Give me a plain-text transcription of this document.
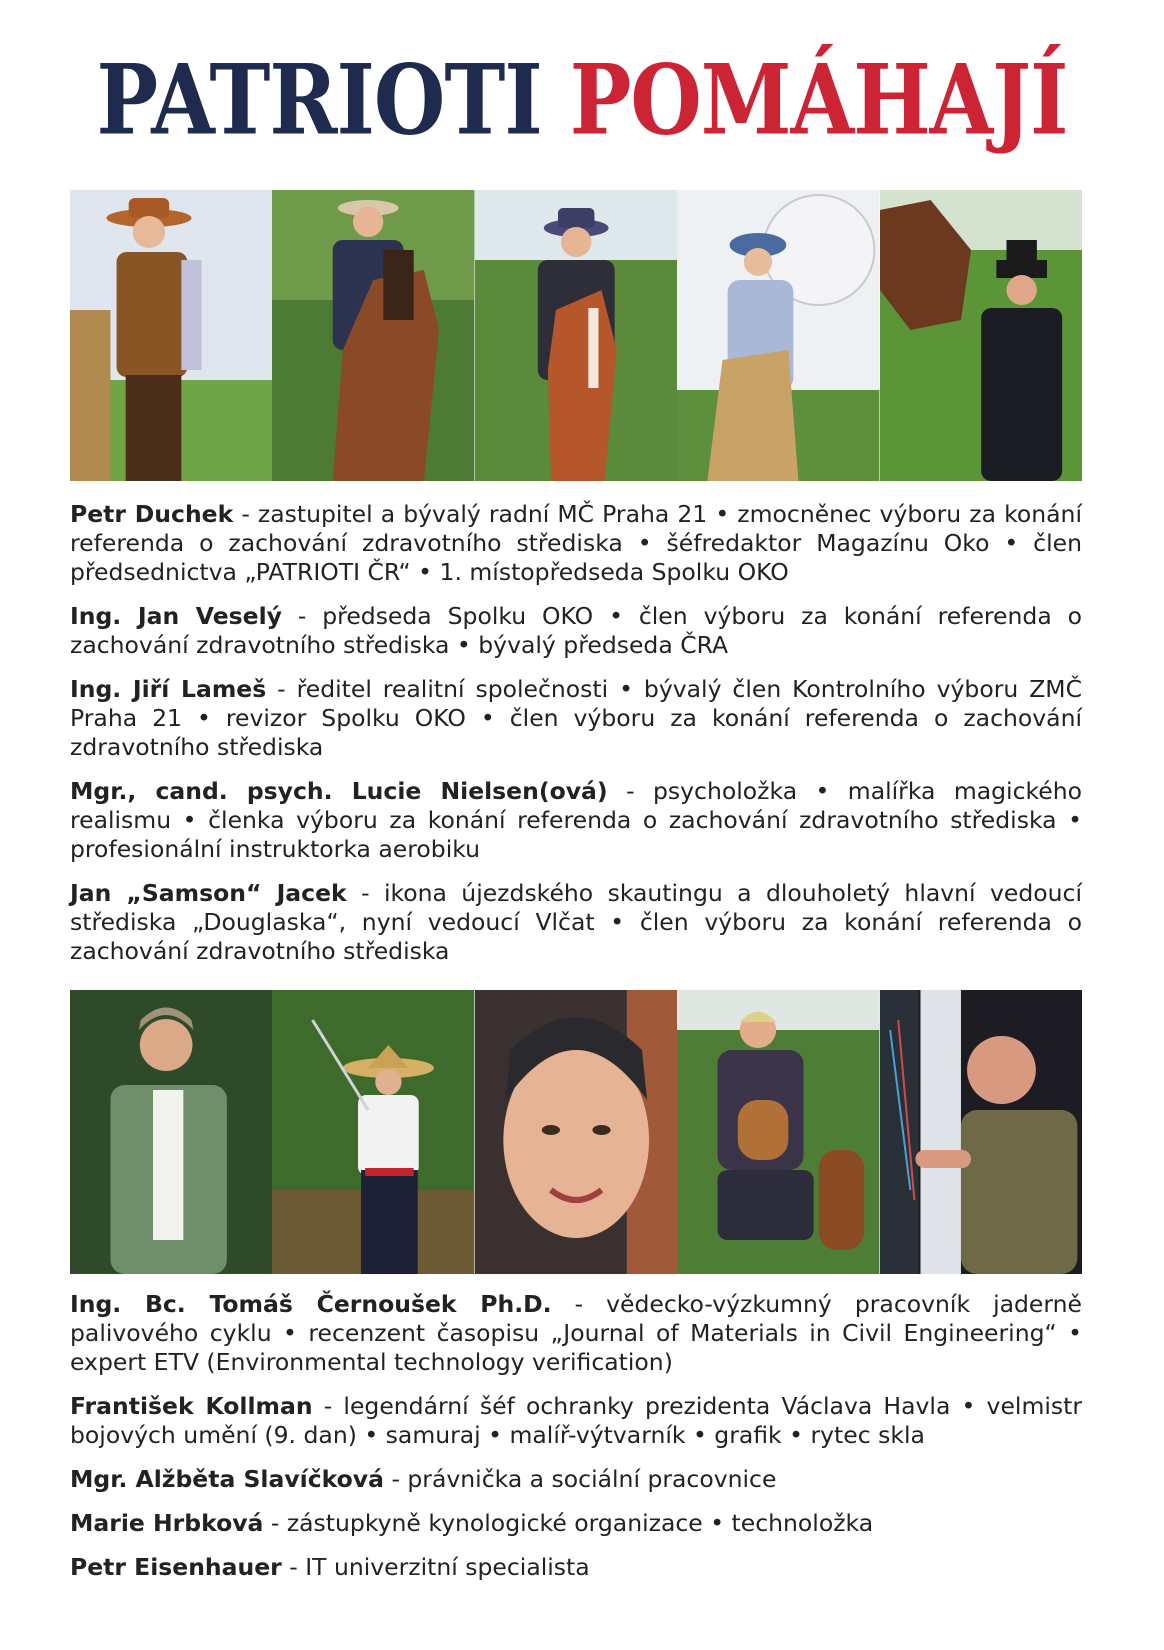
PATRIOTI POMÁHAJÍ

Petr Duchek - zastupitel a bývalý radní MČ Praha 21 • zmocněnec výboru za konání referenda o zachování zdravotního střediska • šéfredaktor Magazínu Oko • člen předsednictva „PATRIOTI ČR“ • 1. místopředseda Spolku OKO

Ing. Jan Veselý - předseda Spolku OKO • člen výboru za konání referenda o zachování zdravotního střediska • bývalý předseda ČRA

Ing. Jiří Lameš - ředitel realitní společnosti • bývalý člen Kontrolního výboru ZMČ Praha 21 • revizor Spolku OKO • člen výboru za konání referenda o zachování zdravotního střediska

Mgr., cand. psych. Lucie Nielsen(ová) - psycholožka • malířka magického realismu • členka výboru za konání referenda o zachování zdravotního střediska • profesionální instruktorka aerobiku

Jan „Samson“ Jacek - ikona újezdského skautingu a dlouholetý hlavní vedoucí střediska „Douglaska“, nyní vedoucí Vlčat • člen výboru za konání referenda o zachování zdravotního střediska

Ing. Bc. Tomáš Černoušek Ph.D. - vědecko-výzkumný pracovník jaderně palivového cyklu • recenzent časopisu „Journal of Materials in Civil Engineering“ • expert ETV (Environmental technology verification)

František Kollman - legendární šéf ochranky prezidenta Václava Havla • velmistr bojových umění (9. dan) • samuraj • malíř-výtvarník • grafik • rytec skla

Mgr. Alžběta Slavíčková - právnička a sociální pracovnice

Marie Hrbková - zástupkyně kynologické organizace • technoložka

Petr Eisenhauer - IT univerzitní specialista
